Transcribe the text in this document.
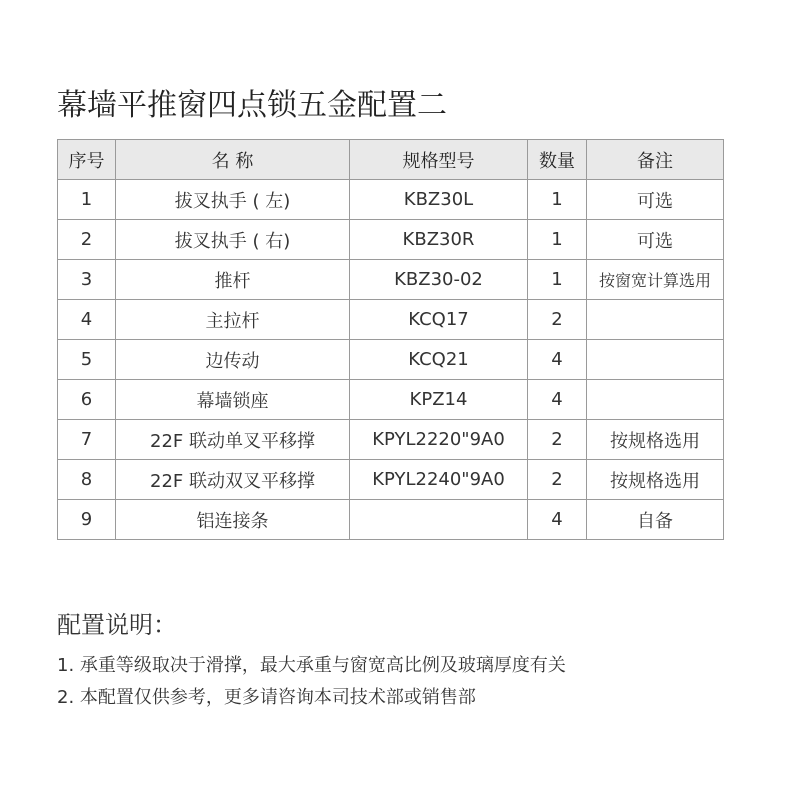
幕墙平推窗四点锁五金配置二
序号	名 称	规格型号	数量	备注
1	拔叉执手 ( 左)	KBZ30L	1	可选
2	拔叉执手 ( 右)	KBZ30R	1	可选
3	推杆	KBZ30-02	1	按窗宽计算选用
4	主拉杆	KCQ17	2	
5	边传动	KCQ21	4	
6	幕墙锁座	KPZ14	4	
7	22F 联动单叉平移撑	KPYL2220"9A0	2	按规格选用
8	22F 联动双叉平移撑	KPYL2240"9A0	2	按规格选用
9	铝连接条		4	自备
配置说明：
1. 承重等级取决于滑撑，最大承重与窗宽高比例及玻璃厚度有关
2. 本配置仅供参考，更多请咨询本司技术部或销售部
